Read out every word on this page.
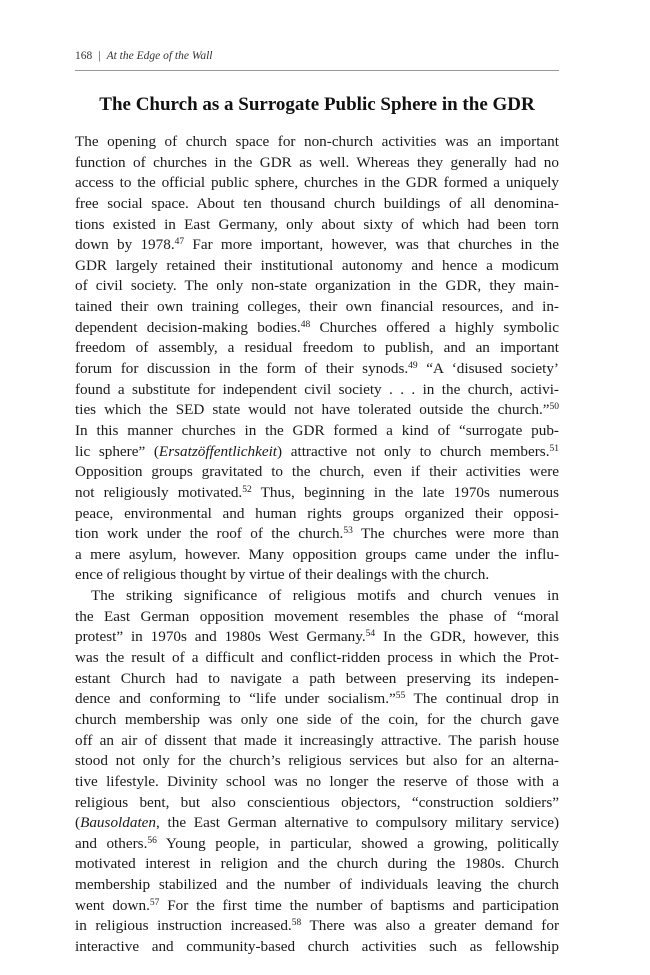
168 | At the Edge of the Wall
The Church as a Surrogate Public Sphere in the GDR
The opening of church space for non-church activities was an important
function of churches in the GDR as well. Whereas they generally had no
access to the official public sphere, churches in the GDR formed a uniquely
free social space. About ten thousand church buildings of all denomina-
tions existed in East Germany, only about sixty of which had been torn
down by 1978.47 Far more important, however, was that churches in the
GDR largely retained their institutional autonomy and hence a modicum
of civil society. The only non-state organization in the GDR, they main-
tained their own training colleges, their own financial resources, and in-
dependent decision-making bodies.$^{48}$ Churches offered a highly symbolic
freedom of assembly, a residual freedom to publish, and an important
forum for discussion in the form of their synods.$^{49}$ “A ‘disused society’
found a substitute for independent civil society . . . in the church, activi-
ties which the SED state would not have tolerated outside the church.”$^{50}$
In this manner churches in the GDR formed a kind of “surrogate pub-
lic sphere” (Ersatzöffentlichkeit) attractive not only to church members.$^{51}$
Opposition groups gravitated to the church, even if their activities were
not religiously motivated.$^{52}$ Thus, beginning in the late 1970s numerous
peace, environmental and human rights groups organized their opposi-
tion work under the roof of the church.$^{53}$ The churches were more than
a mere asylum, however. Many opposition groups came under the influ-
ence of religious thought by virtue of their dealings with the church.
The striking significance of religious motifs and church venues in
the East German opposition movement resembles the phase of “moral
protest” in 1970s and 1980s West Germany.$^{54}$ In the GDR, however, this
was the result of a difficult and conflict-ridden process in which the Prot-
estant Church had to navigate a path between preserving its indepen-
dence and conforming to “life under socialism.”$^{55}$ The continual drop in
church membership was only one side of the coin, for the church gave
off an air of dissent that made it increasingly attractive. The parish house
stood not only for the church’s religious services but also for an alterna-
tive lifestyle. Divinity school was no longer the reserve of those with a
religious bent, but also conscientious objectors, “construction soldiers”
(Bausoldaten, the East German alternative to compulsory military service)
and others.$^{56}$ Young people, in particular, showed a growing, politically
motivated interest in religion and the church during the 1980s. Church
membership stabilized and the number of individuals leaving the church
went down.$^{57}$ For the first time the number of baptisms and participation
in religious instruction increased.$^{58}$ There was also a greater demand for
interactive and community-based church activities such as fellowship
